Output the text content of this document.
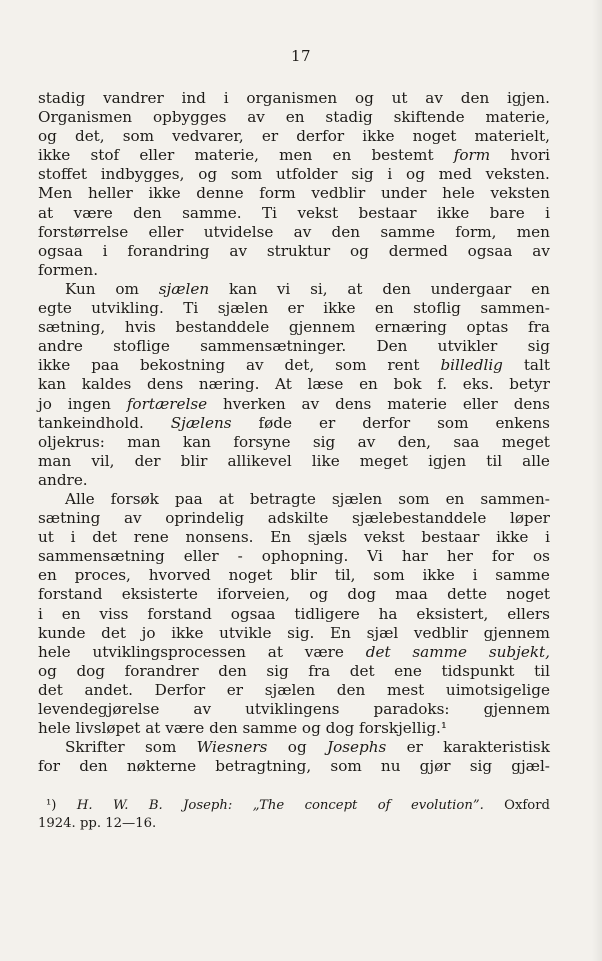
17
stadig vandrer ind i organismen og ut av den igjen.
Organismen opbygges av en stadig skiftende materie,
og det, som vedvarer, er derfor ikke noget materielt,
ikke stof eller materie, men en bestemt form hvori
stoffet indbygges, og som utfolder sig i og med veksten.
Men heller ikke denne form vedblir under hele veksten
at være den samme. Ti vekst bestaar ikke bare i
forstørrelse eller utvidelse av den samme form, men
ogsaa i forandring av struktur og dermed ogsaa av
formen.
Kun om sjælen kan vi si, at den undergaar en
egte utvikling. Ti sjælen er ikke en stoflig sammen-
sætning, hvis bestanddele gjennem ernæring optas fra
andre stoflige sammensætninger. Den utvikler sig
ikke paa bekostning av det, som rent billedlig talt
kan kaldes dens næring. At læse en bok f. eks. betyr
jo ingen fortærelse hverken av dens materie eller dens
tankeindhold. Sjælens føde er derfor som enkens
oljekrus: man kan forsyne sig av den, saa meget
man vil, der blir allikevel like meget igjen til alle
andre.
Alle forsøk paa at betragte sjælen som en sammen-
sætning av oprindelig adskilte sjælebestanddele løper
ut i det rene nonsens. En sjæls vekst bestaar ikke i
sammensætning eller - ophopning. Vi har her for os
en proces, hvorved noget blir til, som ikke i samme
forstand eksisterte iforveien, og dog maa dette noget
i en viss forstand ogsaa tidligere ha eksistert, ellers
kunde det jo ikke utvikle sig. En sjæl vedblir gjennem
hele utviklingsprocessen at være det samme subjekt,
og dog forandrer den sig fra det ene tidspunkt til
det andet. Derfor er sjælen den mest uimotsigelige
levendegjørelse av utviklingens paradoks: gjennem
hele
livsløpet
at
være
den
samme
og
dog
forskjellig.¹
Skrifter som Wiesners og Josephs er karakteristisk
for den nøkterne betragtning, som nu gjør sig gjæl-
¹) H. W. B. Joseph: „The concept of evolution”. Oxford
1924.
pp.
12—16.
